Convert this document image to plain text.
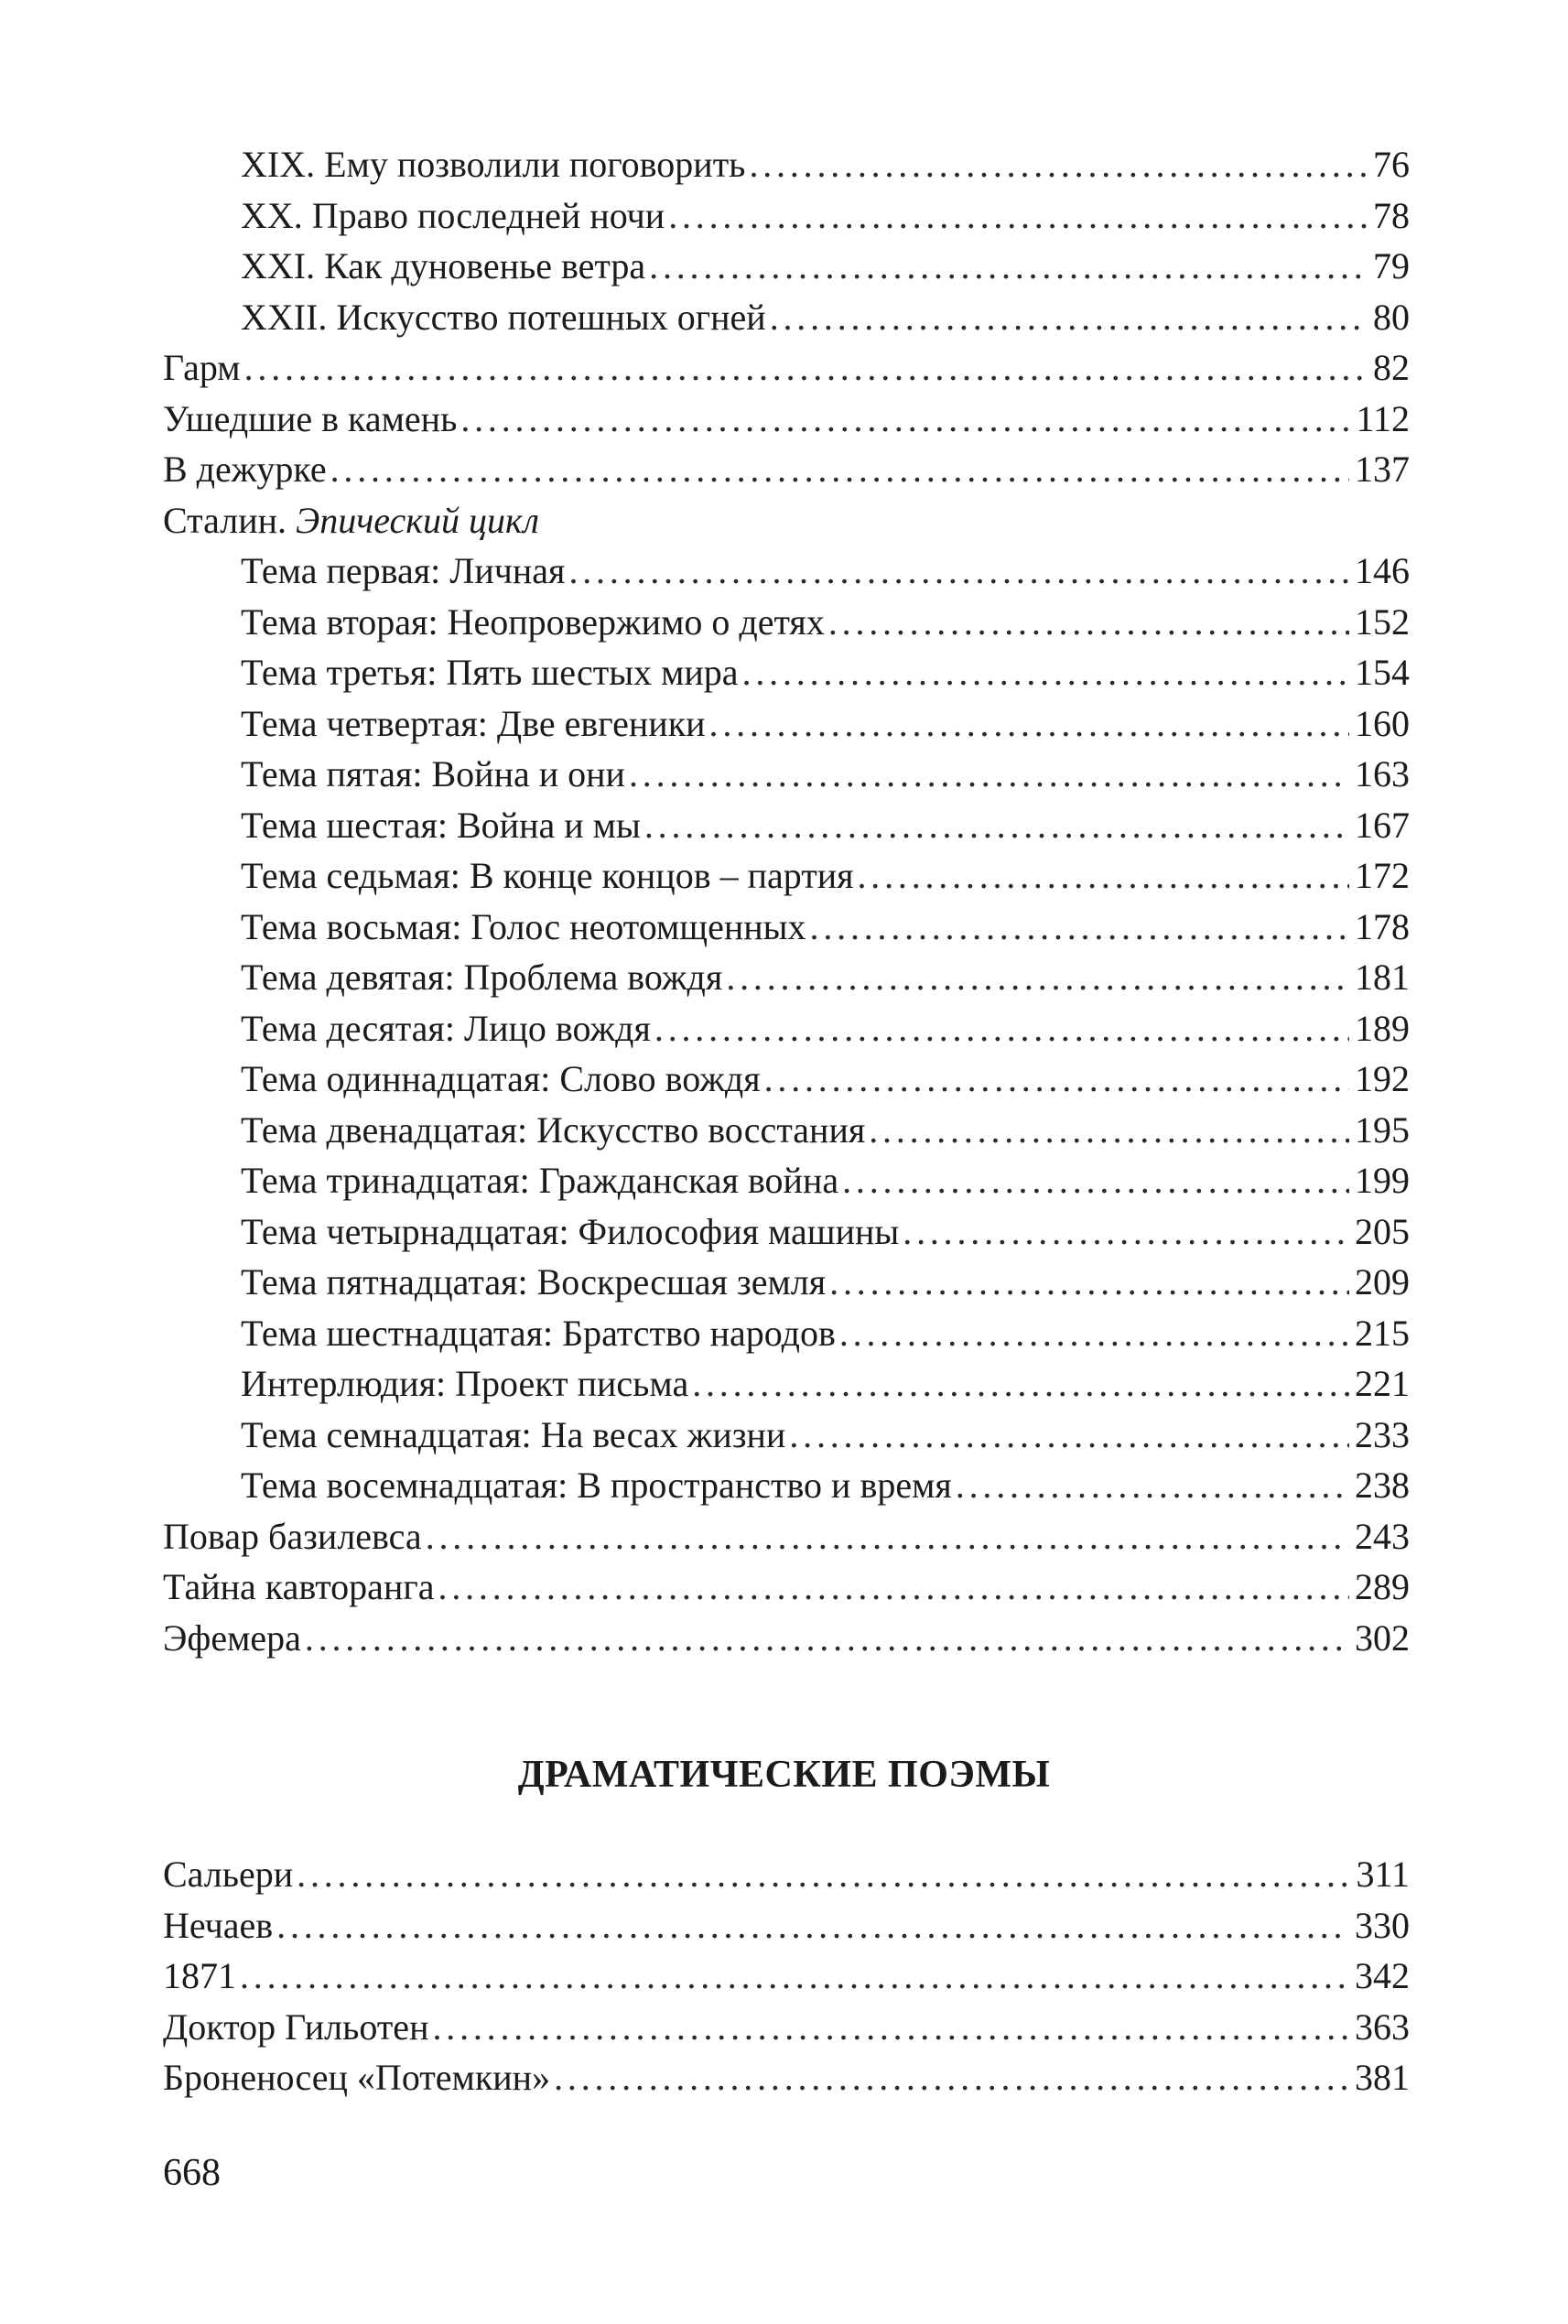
XIX. Ему позволили поговорить . . .	76
XX. Право последней ночи . . .	78
XXI. Как дуновенье ветра . . .	79
XXII. Искусство потешных огней . . .	80
Гарм . . .	82
Ушедшие в камень . . .	112
В дежурке . . .	137
Сталин. Эпический цикл
Тема первая: Личная . . .	146
Тема вторая: Неопровержимо о детях . . .	152
Тема третья: Пять шестых мира . . .	154
Тема четвертая: Две евгеники . . .	160
Тема пятая: Война и они . . .	163
Тема шестая: Война и мы . . .	167
Тема седьмая: В конце концов – партия . . .	172
Тема восьмая: Голос неотомщенных . . .	178
Тема девятая: Проблема вождя . . .	181
Тема десятая: Лицо вождя . . .	189
Тема одиннадцатая: Слово вождя . . .	192
Тема двенадцатая: Искусство восстания . . .	195
Тема тринадцатая: Гражданская война . . .	199
Тема четырнадцатая: Философия машины . . .	205
Тема пятнадцатая: Воскресшая земля . . .	209
Тема шестнадцатая: Братство народов . . .	215
Интерлюдия: Проект письма . . .	221
Тема семнадцатая: На весах жизни . . .	233
Тема восемнадцатая: В пространство и время . . .	238
Повар базилевса . . .	243
Тайна кавторанга . . .	289
Эфемера . . .	302
ДРАМАТИЧЕСКИЕ ПОЭМЫ
Сальери . . .	311
Нечаев . . .	330
1871 . . .	342
Доктор Гильотен . . .	363
Броненосец «Потемкин» . . .	381
668
